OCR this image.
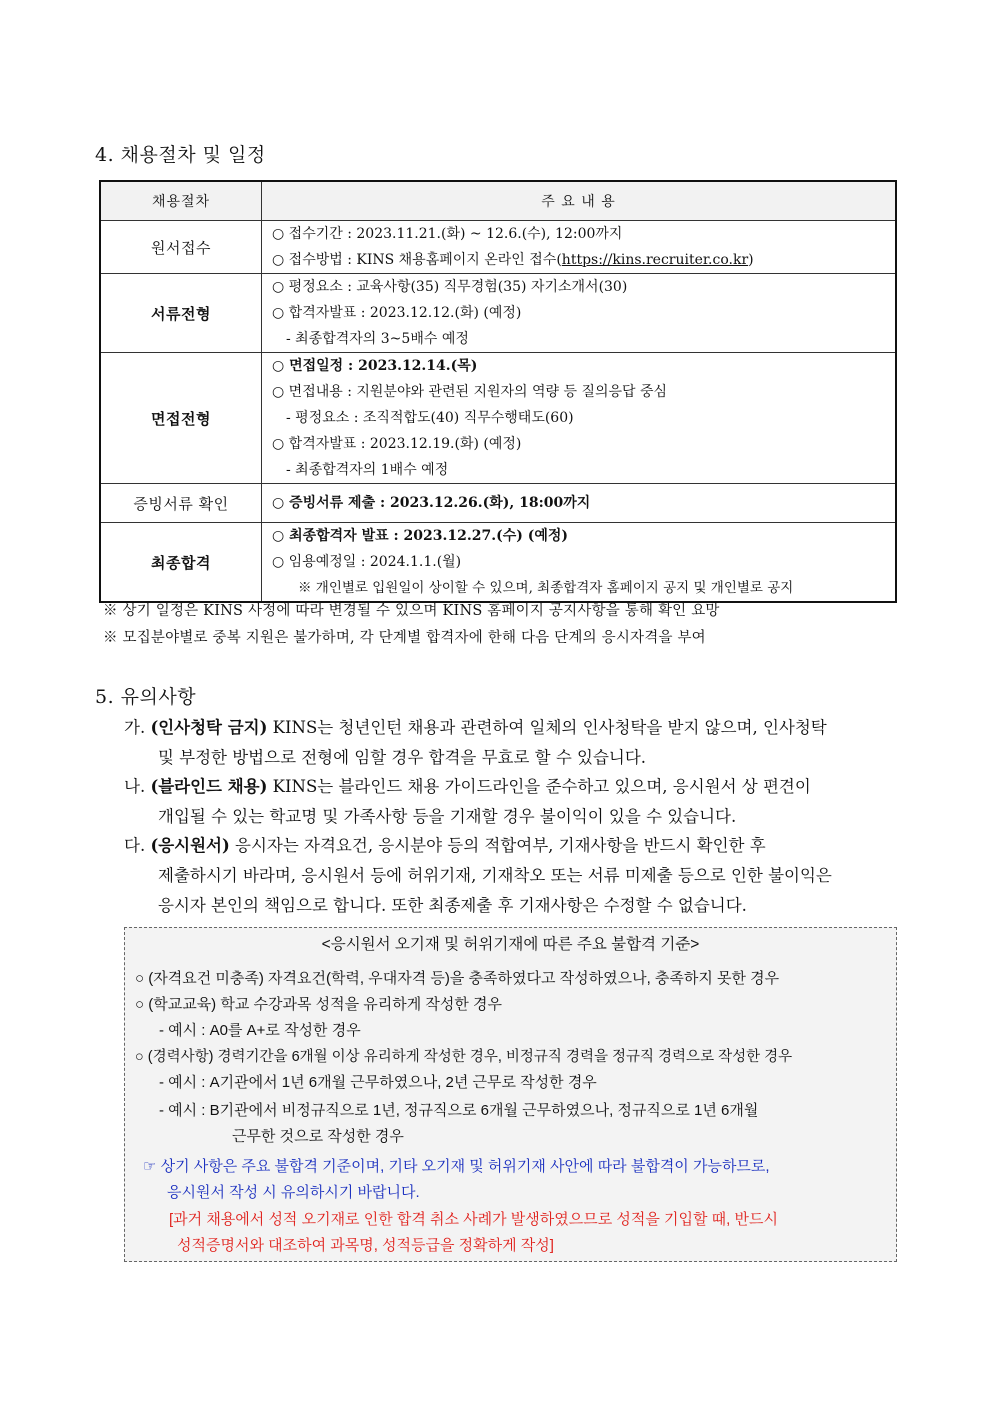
4. 채용절차 및 일정
채용절차	주 요 내 용
원서접수	○ 접수기간 : 2023.11.21.(화) ~ 12.6.(수), 12:00까지
○ 접수방법 : KINS 채용홈페이지 온라인 접수(https://kins.recruiter.co.kr)

서류전형	○ 평정요소 : 교육사항(35) 직무경험(35) 자기소개서(30)
○ 합격자발표 : 2023.12.12.(화) (예정)
- 최종합격자의 3~5배수 예정

면접전형	○ 면접일정 : 2023.12.14.(목)
○ 면접내용 : 지원분야와 관련된 지원자의 역량 등 질의응답 중심
- 평정요소 : 조직적합도(40) 직무수행태도(60)
○ 합격자발표 : 2023.12.19.(화) (예정)
- 최종합격자의 1배수 예정

증빙서류 확인	○ 증빙서류 제출 : 2023.12.26.(화), 18:00까지

최종합격	○ 최종합격자 발표 : 2023.12.27.(수) (예정)
○ 임용예정일 : 2024.1.1.(월)
※ 개인별로 입원일이 상이할 수 있으며, 최종합격자 홈페이지 공지 및 개인별로 공지
※ 상기 일정은 KINS 사정에 따라 변경될 수 있으며 KINS 홈페이지 공지사항을 통해 확인 요망
※ 모집분야별로 중복 지원은 불가하며, 각 단계별 합격자에 한해 다음 단계의 응시자격을 부여
5. 유의사항
가. (인사청탁 금지) KINS는 청년인턴 채용과 관련하여 일체의 인사청탁을 받지 않으며, 인사청탁
및 부정한 방법으로 전형에 임할 경우 합격을 무효로 할 수 있습니다.
나. (블라인드 채용) KINS는 블라인드 채용 가이드라인을 준수하고 있으며, 응시원서 상 편견이
개입될 수 있는 학교명 및 가족사항 등을 기재할 경우 불이익이 있을 수 있습니다.
다. (응시원서) 응시자는 자격요건, 응시분야 등의 적합여부, 기재사항을 반드시 확인한 후
제출하시기 바라며, 응시원서 등에 허위기재, 기재착오 또는 서류 미제출 등으로 인한 불이익은
응시자 본인의 책임으로 합니다. 또한 최종제출 후 기재사항은 수정할 수 없습니다.
<응시원서 오기재 및 허위기재에 따른 주요 불합격 기준>
○ (자격요건 미충족) 자격요건(학력, 우대자격 등)을 충족하였다고 작성하였으나, 충족하지 못한 경우
○ (학교교육) 학교 수강과목 성적을 유리하게 작성한 경우
- 예시 : A0를 A+로 작성한 경우
○ (경력사항) 경력기간을 6개월 이상 유리하게 작성한 경우, 비정규직 경력을 정규직 경력으로 작성한 경우
- 예시 : A기관에서 1년 6개월 근무하였으나, 2년 근무로 작성한 경우
- 예시 : B기관에서 비정규직으로 1년, 정규직으로 6개월 근무하였으나, 정규직으로 1년 6개월
근무한 것으로 작성한 경우
☞ 상기 사항은 주요 불합격 기준이며, 기타 오기재 및 허위기재 사안에 따라 불합격이 가능하므로,
응시원서 작성 시 유의하시기 바랍니다.
[과거 채용에서 성적 오기재로 인한 합격 취소 사례가 발생하였으므로 성적을 기입할 때, 반드시
성적증명서와 대조하여 과목명, 성적등급을 정확하게 작성]
